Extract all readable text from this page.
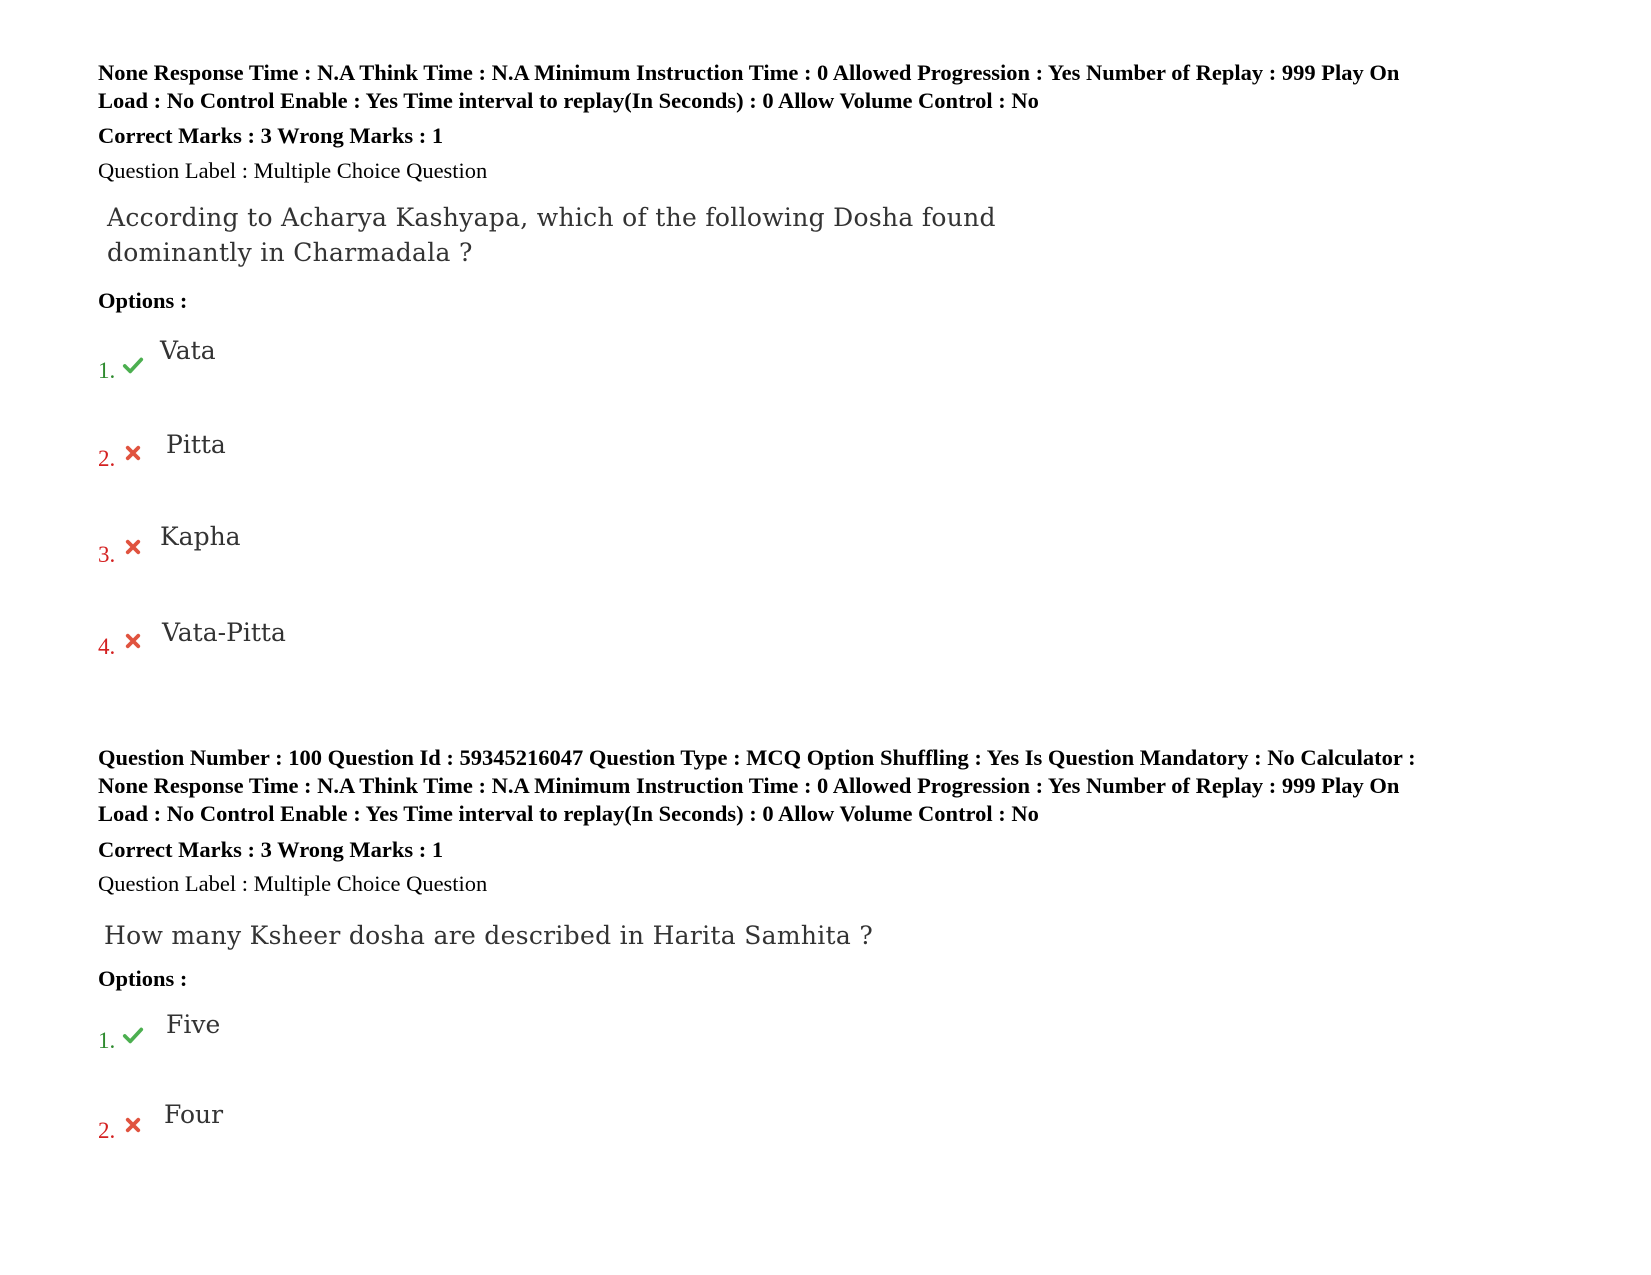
None Response Time : N.A Think Time : N.A Minimum Instruction Time : 0 Allowed Progression : Yes Number of Replay : 999 Play On

Load : No Control Enable : Yes Time interval to replay(In Seconds) : 0 Allow Volume Control : No

Correct Marks : 3 Wrong Marks : 1

Question Label : Multiple Choice Question

According to Acharya Kashyapa, which of the following Dosha found

dominantly in Charmadala ?

Options :

1.
Vata
2. Pitta
3.
Kapha
4. Vata-Pitta

Question Number : 100 Question Id : 59345216047 Question Type : MCQ Option Shuffling : Yes Is Question Mandatory : No Calculator :

None Response Time : N.A Think Time : N.A Minimum Instruction Time : 0 Allowed Progression : Yes Number of Replay : 999 Play On

Load : No Control Enable : Yes Time interval to replay(In Seconds) : 0 Allow Volume Control : No

Correct Marks : 3 Wrong Marks : 1

Question Label : Multiple Choice Question

How many Ksheer dosha are described in Harita Samhita ?

Options :

1.
Five
2.
Four
